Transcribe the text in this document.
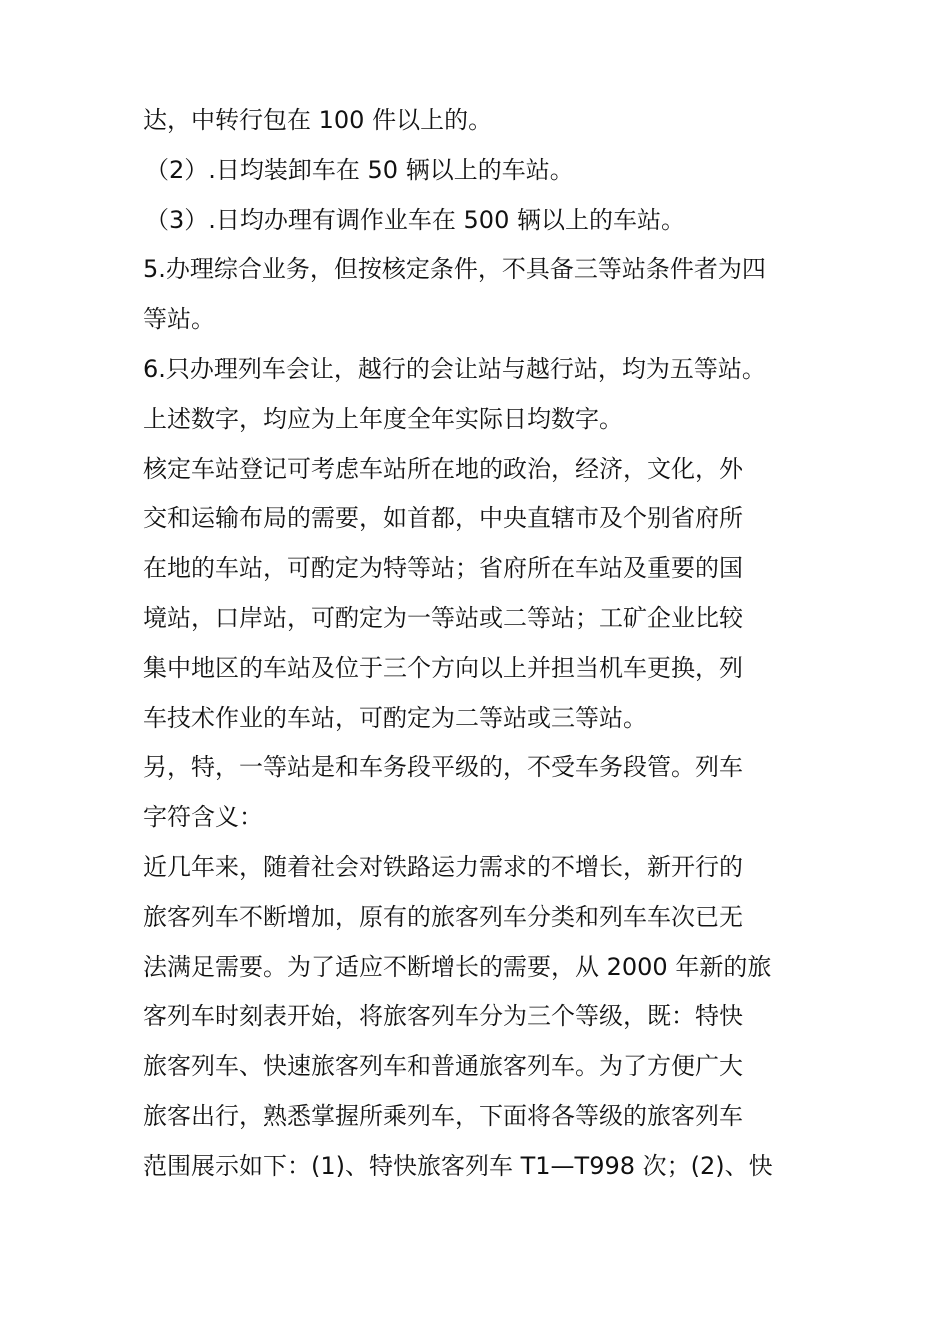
达，中转行包在 100 件以上的。

（2）.日均装卸车在 50 辆以上的车站。

（3）.日均办理有调作业车在 500 辆以上的车站。

5.办理综合业务，但按核定条件，不具备三等站条件者为四

等站。

6.只办理列车会让，越行的会让站与越行站，均为五等站。

上述数字，均应为上年度全年实际日均数字。

核定车站登记可考虑车站所在地的政治，经济，文化，外

交和运输布局的需要，如首都，中央直辖市及个别省府所

在地的车站，可酌定为特等站；省府所在车站及重要的国

境站，口岸站，可酌定为一等站或二等站；工矿企业比较

集中地区的车站及位于三个方向以上并担当机车更换，列

车技术作业的车站，可酌定为二等站或三等站。

另，特，一等站是和车务段平级的，不受车务段管。列车

字符含义：

近几年来，随着社会对铁路运力需求的不增长，新开行的

旅客列车不断增加，原有的旅客列车分类和列车车次已无

法满足需要。为了适应不断增长的需要，从 2000 年新的旅

客列车时刻表开始，将旅客列车分为三个等级，既：特快

旅客列车、快速旅客列车和普通旅客列车。为了方便广大

旅客出行，熟悉掌握所乘列车，下面将各等级的旅客列车

范围展示如下：(1)、特快旅客列车 T1—T998 次；(2)、快
